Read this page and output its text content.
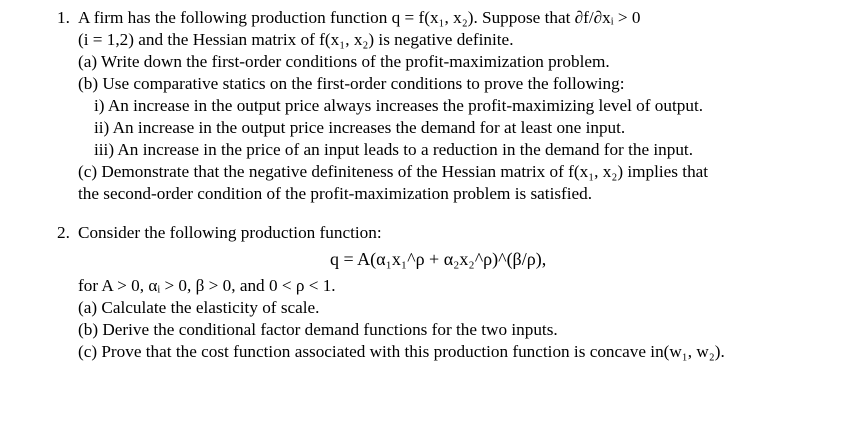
1. A firm has the following production function q = f(x₁, x₂). Suppose that ∂f/∂xᵢ > 0
(i = 1,2) and the Hessian matrix of f(x₁, x₂) is negative definite.
(a) Write down the first-order conditions of the profit-maximization problem.
(b) Use comparative statics on the first-order conditions to prove the following:
i) An increase in the output price always increases the profit-maximizing level of output.
ii) An increase in the output price increases the demand for at least one input.
iii) An increase in the price of an input leads to a reduction in the demand for the input.
(c) Demonstrate that the negative definiteness of the Hessian matrix of f(x₁, x₂) implies that
the second-order condition of the profit-maximization problem is satisfied.
2. Consider the following production function:
q = A(α₁x₁^ρ + α₂x₂^ρ)^(β/ρ),
for A > 0, αᵢ > 0, β > 0, and 0 < ρ < 1.
(a) Calculate the elasticity of scale.
(b) Derive the conditional factor demand functions for the two inputs.
(c) Prove that the cost function associated with this production function is concave in(w₁, w₂).
